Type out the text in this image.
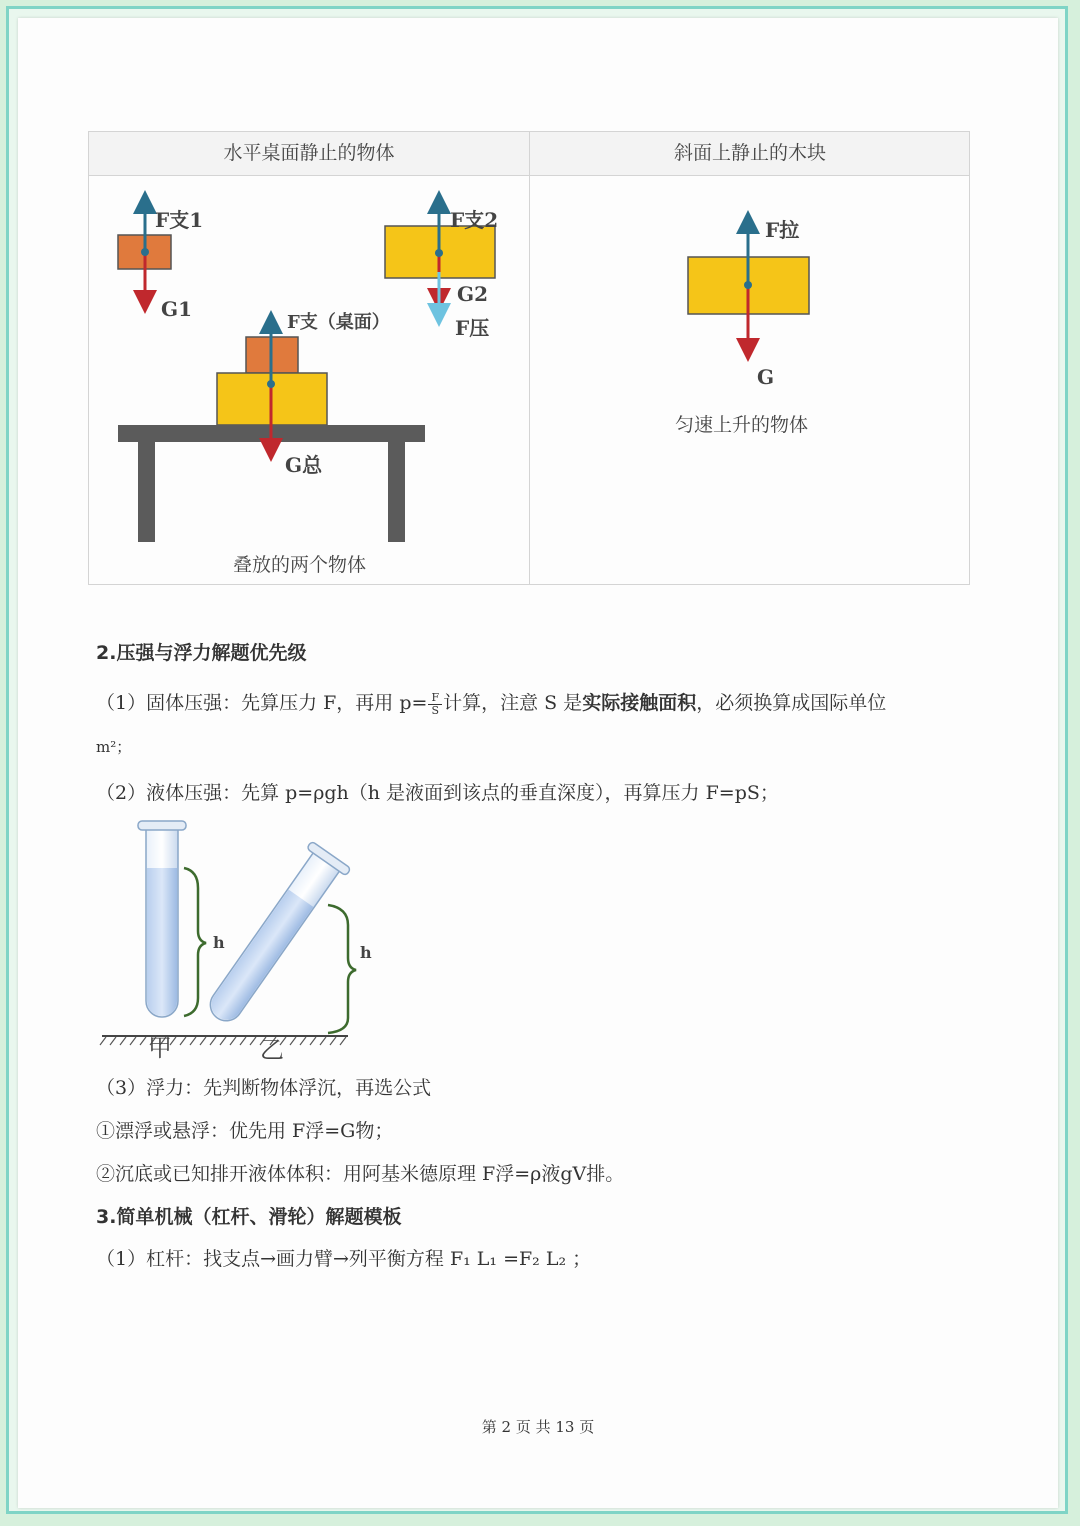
水平桌面静止的物体	斜面上静止的木块
F支1
G1
F支2
G2
F压
F支（桌面）
G总
叠放的两个物体
F拉
G
匀速上升的物体
2.压强与浮力解题优先级
（1）固体压强：先算压力 F，再用 $p= \frac{F}{S}$ 计算，注意 S 是实际接触面积，必须换算成国际单位
m²；
（2）液体压强：先算 p=ρgh（h 是液面到该点的垂直深度），再算压力 F=pS；
h
h
甲	乙
（3）浮力：先判断物体浮沉，再选公式
①漂浮或悬浮：优先用 F浮=G物；
②沉底或已知排开液体体积：用阿基米德原理 F浮=ρ液gV排。
3.简单机械（杠杆、滑轮）解题模板
（1）杠杆：找支点→画力臂→列平衡方程 F₁ L₁ =F₂ L₂ ；
第 2 页 共 13 页
